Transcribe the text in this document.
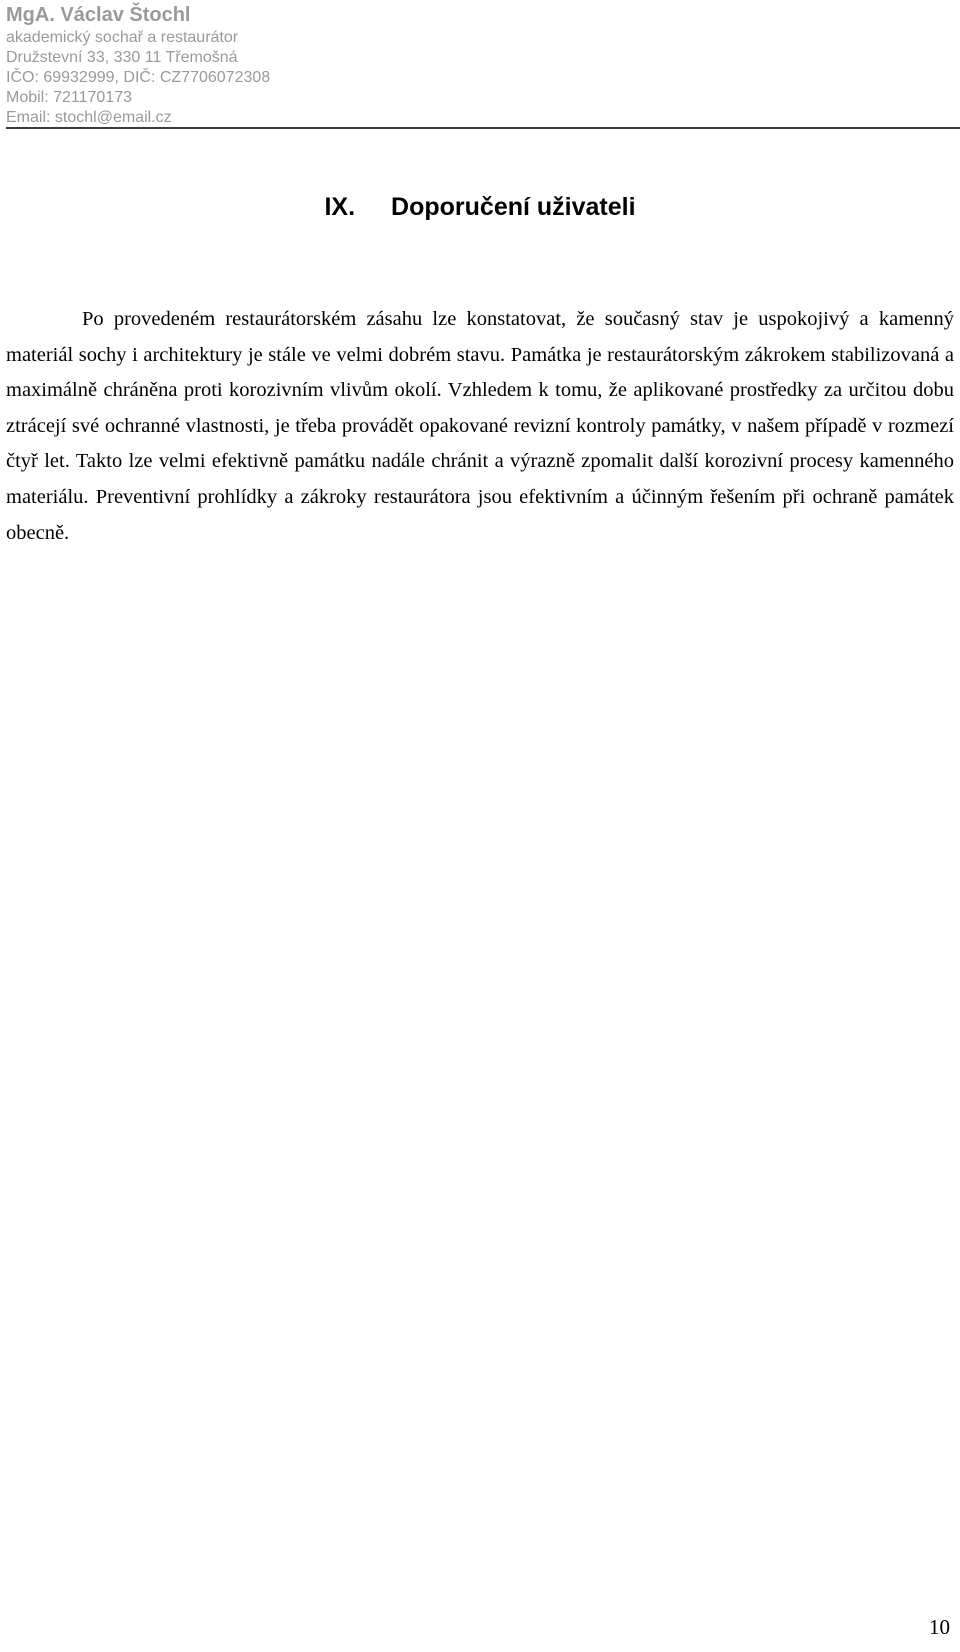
MgA. Václav Štochl

akademický sochař a restaurátor

Družstevní 33, 330 11 Třemošná

IČO: 69932999, DIČ: CZ7706072308

Mobil: 721170173

Email: stochl@email.cz

IX. Doporučení uživateli

Po provedeném restaurátorském zásahu lze konstatovat, že současný stav je uspokojivý a kamenný materiál sochy i architektury je stále ve velmi dobrém stavu. Památka je restaurátorským zákrokem stabilizovaná a maximálně chráněna proti korozivním vlivům okolí. Vzhledem k tomu, že aplikované prostředky za určitou dobu ztrácejí své ochranné vlastnosti, je třeba provádět opakované revizní kontroly památky, v našem případě v rozmezí čtyř let. Takto lze velmi efektivně památku nadále chránit a výrazně zpomalit další korozivní procesy kamenného materiálu. Preventivní prohlídky a zákroky restaurátora jsou efektivním a účinným řešením při ochraně památek obecně.

10
